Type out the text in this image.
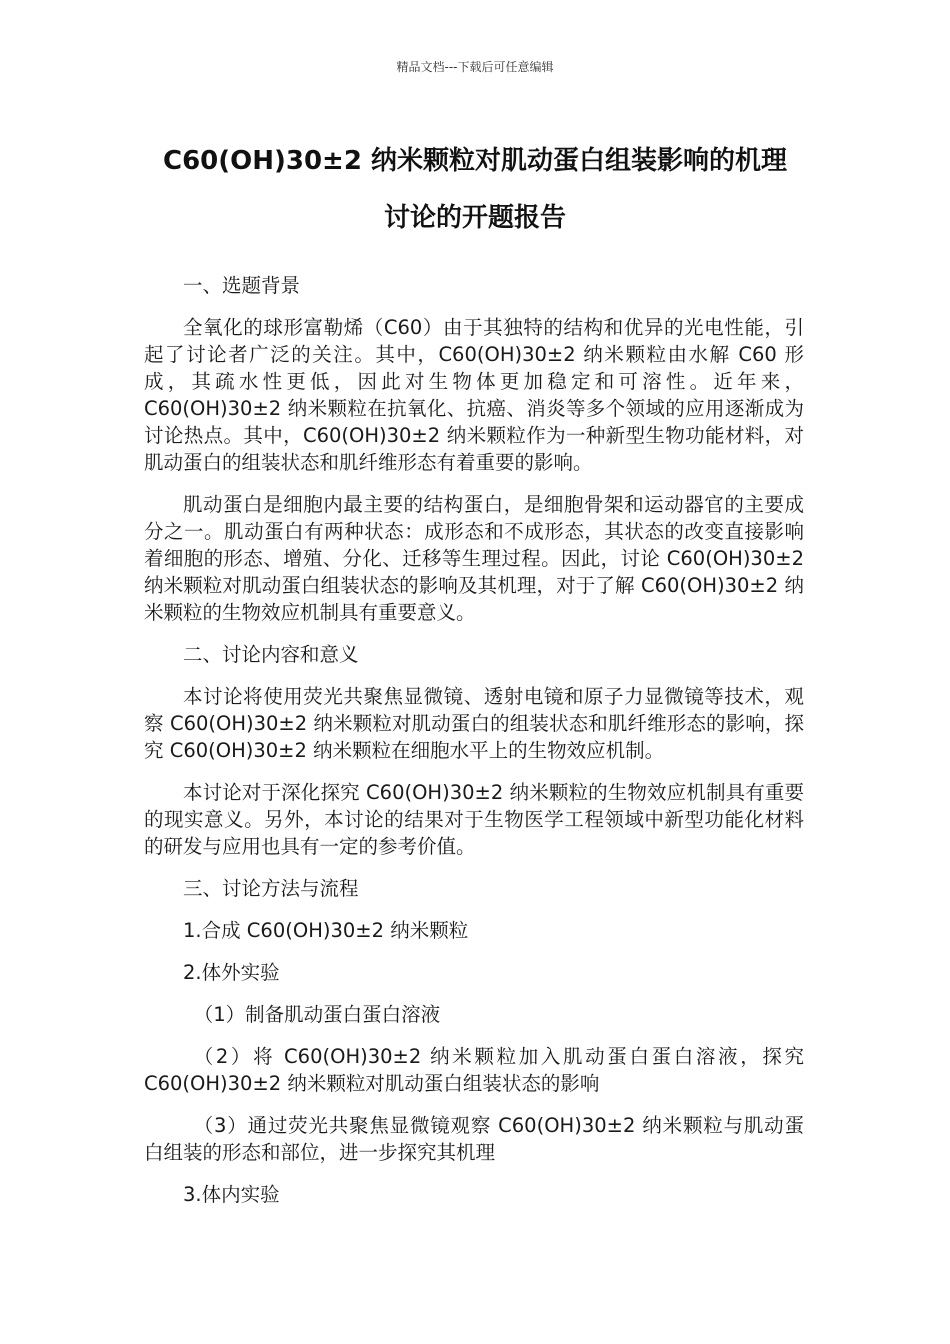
精品文档---下载后可任意编辑
C60(OH)30±2 纳米颗粒对肌动蛋白组装影响的机理
讨论的开题报告

一、选题背景

全氧化的球形富勒烯（C60）由于其独特的结构和优异的光电性能，引起了讨论者广泛的关注。其中，C60(OH)30±2 纳米颗粒由水解 C60 形成，其疏水性更低，因此对生物体更加稳定和可溶性。近年来，C60(OH)30±2 纳米颗粒在抗氧化、抗癌、消炎等多个领域的应用逐渐成为讨论热点。其中，C60(OH)30±2 纳米颗粒作为一种新型生物功能材料，对肌动蛋白的组装状态和肌纤维形态有着重要的影响。

肌动蛋白是细胞内最主要的结构蛋白，是细胞骨架和运动器官的主要成分之一。肌动蛋白有两种状态：成形态和不成形态，其状态的改变直接影响着细胞的形态、增殖、分化、迁移等生理过程。因此，讨论 C60(OH)30±2 纳米颗粒对肌动蛋白组装状态的影响及其机理，对于了解 C60(OH)30±2 纳米颗粒的生物效应机制具有重要意义。

二、讨论内容和意义

本讨论将使用荧光共聚焦显微镜、透射电镜和原子力显微镜等技术，观察 C60(OH)30±2 纳米颗粒对肌动蛋白的组装状态和肌纤维形态的影响，探究 C60(OH)30±2 纳米颗粒在细胞水平上的生物效应机制。

本讨论对于深化探究 C60(OH)30±2 纳米颗粒的生物效应机制具有重要的现实意义。另外，本讨论的结果对于生物医学工程领域中新型功能化材料的研发与应用也具有一定的参考价值。

三、讨论方法与流程

1.合成 C60(OH)30±2 纳米颗粒

2.体外实验

（1）制备肌动蛋白蛋白溶液

（2）将 C60(OH)30±2 纳米颗粒加入肌动蛋白蛋白溶液，探究 C60(OH)30±2 纳米颗粒对肌动蛋白组装状态的影响

（3）通过荧光共聚焦显微镜观察 C60(OH)30±2 纳米颗粒与肌动蛋白组装的形态和部位，进一步探究其机理

3.体内实验
